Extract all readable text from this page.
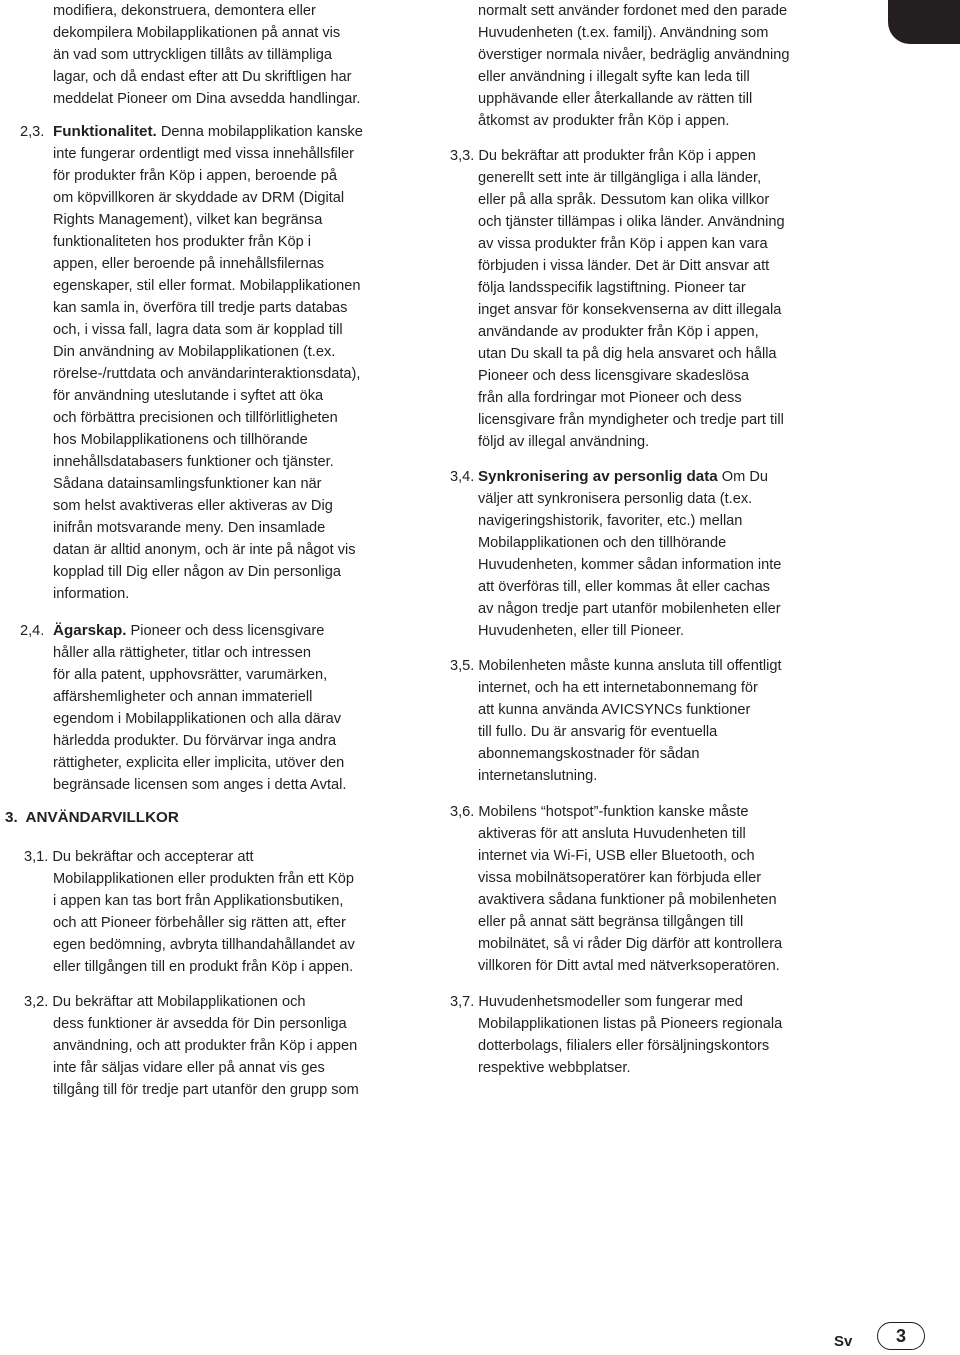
modifiera, dekonstruera, demontera eller
dekompilera Mobilapplikationen på annat vis
än vad som uttryckligen tillåts av tillämpliga
lagar, och då endast efter att Du skriftligen har
meddelat Pioneer om Dina avsedda handlingar.
2,3. Funktionalitet. Denna mobilapplikation kanske
inte fungerar ordentligt med vissa innehållsfiler
för produkter från Köp i appen, beroende på
om köpvillkoren är skyddade av DRM (Digital
Rights Management), vilket kan begränsa
funktionaliteten hos produkter från Köp i
appen, eller beroende på innehållsfilernas
egenskaper, stil eller format. Mobilapplikationen
kan samla in, överföra till tredje parts databas
och, i vissa fall, lagra data som är kopplad till
Din användning av Mobilapplikationen (t.ex.
rörelse-/ruttdata och användarinteraktionsdata),
för användning uteslutande i syftet att öka
och förbättra precisionen och tillförlitligheten
hos Mobilapplikationens och tillhörande
innehållsdatabasers funktioner och tjänster.
Sådana datainsamlingsfunktioner kan när
som helst avaktiveras eller aktiveras av Dig
inifrån motsvarande meny. Den insamlade
datan är alltid anonym, och är inte på något vis
kopplad till Dig eller någon av Din personliga
information.
2,4. Ägarskap. Pioneer och dess licensgivare
håller alla rättigheter, titlar och intressen
för alla patent, upphovsrätter, varumärken,
affärshemligheter och annan immateriell
egendom i Mobilapplikationen och alla därav
härledda produkter. Du förvärvar inga andra
rättigheter, explicita eller implicita, utöver den
begränsade licensen som anges i detta Avtal.
3.  ANVÄNDARVILLKOR
3,1. Du bekräftar och accepterar att
Mobilapplikationen eller produkten från ett Köp
i appen kan tas bort från Applikationsbutiken,
och att Pioneer förbehåller sig rätten att, efter
egen bedömning, avbryta tillhandahållandet av
eller tillgången till en produkt från Köp i appen.
3,2. Du bekräftar att Mobilapplikationen och
dess funktioner är avsedda för Din personliga
användning, och att produkter från Köp i appen
inte får säljas vidare eller på annat vis ges
tillgång till för tredje part utanför den grupp som
normalt sett använder fordonet med den parade
Huvudenheten (t.ex. familj). Användning som
överstiger normala nivåer, bedräglig användning
eller användning i illegalt syfte kan leda till
upphävande eller återkallande av rätten till
åtkomst av produkter från Köp i appen.
3,3. Du bekräftar att produkter från Köp i appen
generellt sett inte är tillgängliga i alla länder,
eller på alla språk. Dessutom kan olika villkor
och tjänster tillämpas i olika länder. Användning
av vissa produkter från Köp i appen kan vara
förbjuden i vissa länder. Det är Ditt ansvar att
följa landsspecifik lagstiftning. Pioneer tar
inget ansvar för konsekvenserna av ditt illegala
användande av produkter från Köp i appen,
utan Du skall ta på dig hela ansvaret och hålla
Pioneer och dess licensgivare skadeslösa
från alla fordringar mot Pioneer och dess
licensgivare från myndigheter och tredje part till
följd av illegal användning.
3,4. Synkronisering av personlig data Om Du
väljer att synkronisera personlig data (t.ex.
navigeringshistorik, favoriter, etc.) mellan
Mobilapplikationen och den tillhörande
Huvudenheten, kommer sådan information inte
att överföras till, eller kommas åt eller cachas
av någon tredje part utanför mobilenheten eller
Huvudenheten, eller till Pioneer.
3,5. Mobilenheten måste kunna ansluta till offentligt
internet, och ha ett internetabonnemang för
att kunna använda AVICSYNCs funktioner
till fullo. Du är ansvarig för eventuella
abonnemangskostnader för sådan
internetanslutning.
3,6. Mobilens “hotspot”-funktion kanske måste
aktiveras för att ansluta Huvudenheten till
internet via Wi-Fi, USB eller Bluetooth, och
vissa mobilnätsoperatörer kan förbjuda eller
avaktivera sådana funktioner på mobilenheten
eller på annat sätt begränsa tillgången till
mobilnätet, så vi råder Dig därför att kontrollera
villkoren för Ditt avtal med nätverksoperatören.
3,7. Huvudenhetsmodeller som fungerar med
Mobilapplikationen listas på Pioneers regionala
dotterbolags, filialers eller försäljningskontors
respektive webbplatser.
Sv	3
